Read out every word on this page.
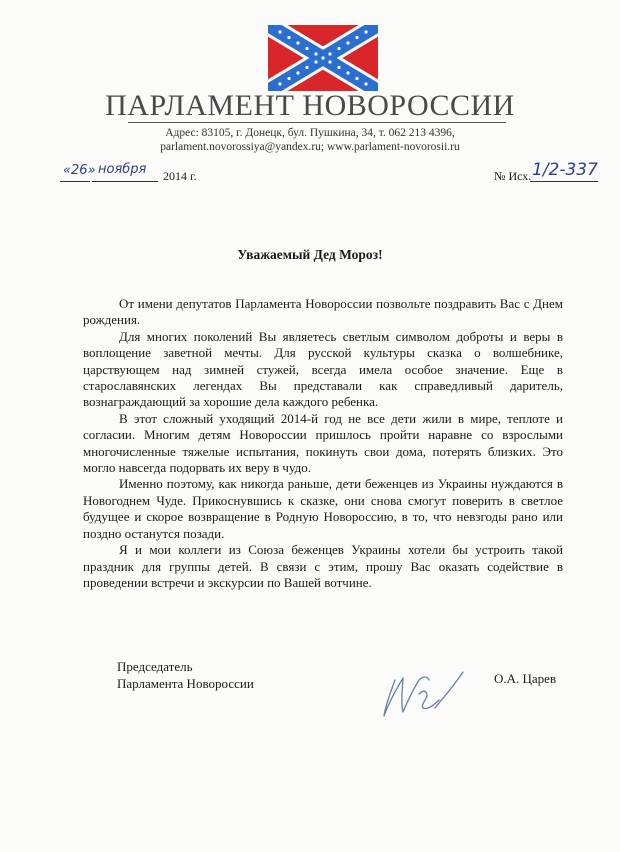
ПАРЛАМЕНТ НОВОРОССИИ
Адрес: 83105, г. Донецк, бул. Пушкина, 34, т. 062 213 4396,
parlament.novorossiya@yandex.ru; www.parlament-novorosii.ru
«26» ноября 2014 г.	№ Исх. 1/2-337
Уважаемый Дед Мороз!

От имени депутатов Парламента Новороссии позвольте поздравить Вас с Днем рождения.

Для многих поколений Вы являетесь светлым символом доброты и веры в воплощение заветной мечты. Для русской культуры сказка о волшебнике, царствующем над зимней стужей, всегда имела особое значение. Еще в старославянских легендах Вы представали как справедливый даритель, вознаграждающий за хорошие дела каждого ребенка.

В этот сложный уходящий 2014-й год не все дети жили в мире, теплоте и согласии. Многим детям Новороссии пришлось пройти наравне со взрослыми многочисленные тяжелые испытания, покинуть свои дома, потерять близких. Это могло навсегда подорвать их веру в чудо.

Именно поэтому, как никогда раньше, дети беженцев из Украины нуждаются в Новогоднем Чуде. Прикоснувшись к сказке, они снова смогут поверить в светлое будущее и скорое возвращение в Родную Новороссию, в то, что невзгоды рано или поздно останутся позади.

Я и мои коллеги из Союза беженцев Украины хотели бы устроить такой праздник для группы детей. В связи с этим, прошу Вас оказать содействие в проведении встречи и экскурсии по Вашей вотчине.

Председатель
Парламента Новороссии	О.А. Царев
